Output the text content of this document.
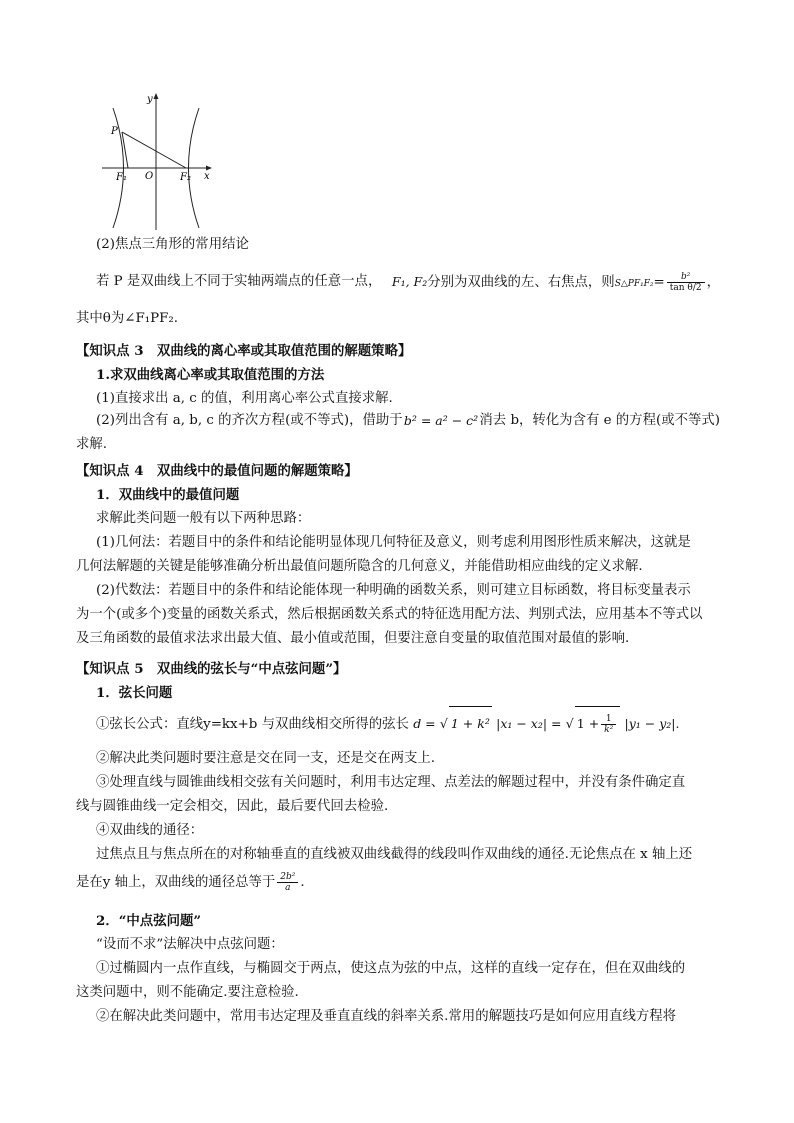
y
x
P
F₁ O	F₂
(2)焦点三角形的常用结论
若 P 是双曲线上不同于实轴两端点的任意一点， F₁, F₂分别为双曲线的左、右焦点，则S△PF₁F₂= $\frac{\text{b²}}{\text{tan θ/2}}$ ，
其中θ为∠F₁PF₂.
【知识点 3　双曲线的离心率或其取值范围的解题策略】
1.求双曲线离心率或其取值范围的方法
(1)直接求出 a, c 的值，利用离心率公式直接求解.
(2)列出含有 a, b, c 的齐次方程(或不等式)，借助于 b² = a² − c² 消去 b，转化为含有 e 的方程(或不等式)
求解.
【知识点 4　双曲线中的最值问题的解题策略】
1．双曲线中的最值问题
求解此类问题一般有以下两种思路：
(1)几何法：若题目中的条件和结论能明显体现几何特征及意义，则考虑利用图形性质来解决，这就是
几何法解题的关键是能够准确分析出最值问题所隐含的几何意义，并能借助相应曲线的定义求解.
(2)代数法：若题目中的条件和结论能体现一种明确的函数关系，则可建立目标函数，将目标变量表示
为一个(或多个)变量的函数关系式，然后根据函数关系式的特征选用配方法、判别式法，应用基本不等式以
及三角函数的最值求法求出最大值、最小值或范围，但要注意自变量的取值范围对最值的影响.
【知识点 5　双曲线的弦长与“中点弦问题”】
1．弦长问题
①弦长公式：直线y=kx+b 与双曲线相交所得的弦长 d = √ 1 + k² |x₁ − x₂| = √ $1 + \frac{1}{\text{k²}} |y_1 - y_2|$.
②解决此类问题时要注意是交在同一支，还是交在两支上.
③处理直线与圆锥曲线相交弦有关问题时，利用韦达定理、点差法的解题过程中，并没有条件确定直
线与圆锥曲线一定会相交，因此，最后要代回去检验.
④双曲线的通径：
过焦点且与焦点所在的对称轴垂直的直线被双曲线截得的线段叫作双曲线的通径.无论焦点在 x 轴上还
是在y 轴上，双曲线的通径总等于 $\frac{\text{2b²}}{a}$ .
2．“中点弦问题”
“设而不求”法解决中点弦问题：
①过椭圆内一点作直线，与椭圆交于两点，使这点为弦的中点，这样的直线一定存在，但在双曲线的
这类问题中，则不能确定.要注意检验.
②在解决此类问题中，常用韦达定理及垂直直线的斜率关系.常用的解题技巧是如何应用直线方程将
